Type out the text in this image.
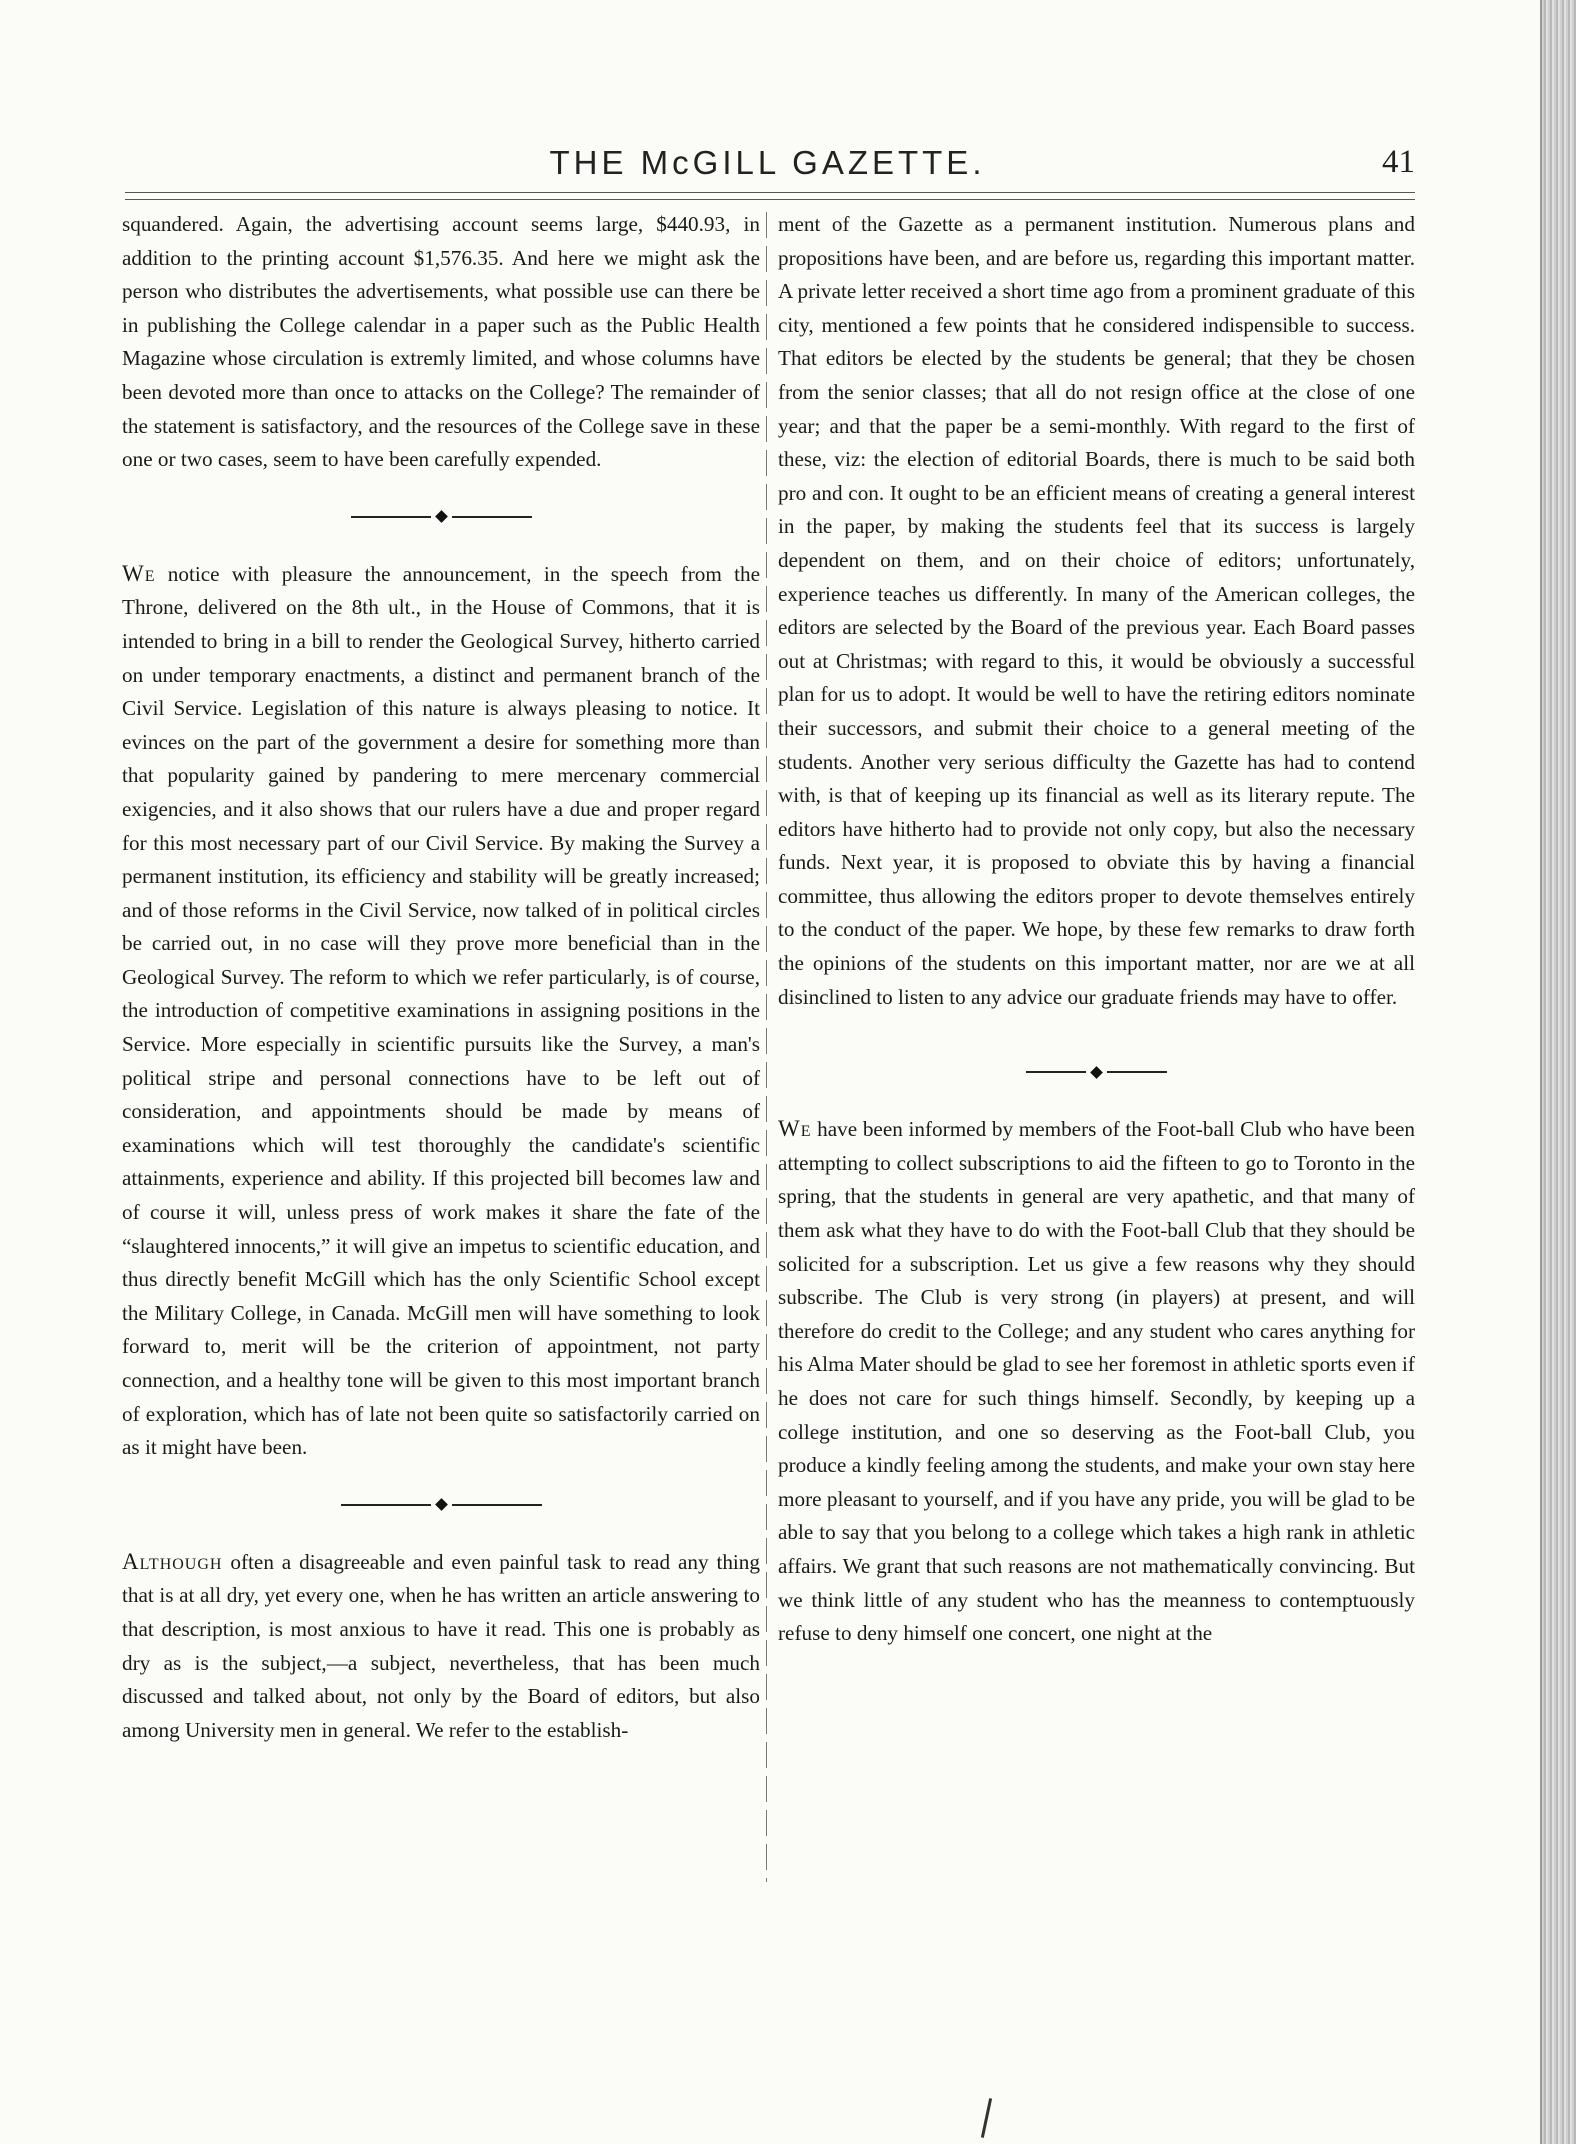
THE McGILL GAZETTE.	41

squandered. Again, the advertising account seems large, $440.93, in addition to the printing account $1,576.35. And here we might ask the person who distributes the advertisements, what possible use can there be in publishing the College calendar in a paper such as the Public Health Magazine whose circulation is extremly limited, and whose columns have been devoted more than once to attacks on the College? The remainder of the statement is satisfactory, and the resources of the College save in these one or two cases, seem to have been carefully expended.

We notice with pleasure the announcement, in the speech from the Throne, delivered on the 8th ult., in the House of Commons, that it is intended to bring in a bill to render the Geological Survey, hitherto carried on under temporary enactments, a distinct and permanent branch of the Civil Service. Legislation of this nature is always pleasing to notice. It evinces on the part of the government a desire for something more than that popularity gained by pandering to mere mercenary commercial exigencies, and it also shows that our rulers have a due and proper regard for this most necessary part of our Civil Service. By making the Survey a permanent institution, its efficiency and stability will be greatly increased; and of those reforms in the Civil Service, now talked of in political circles be carried out, in no case will they prove more beneficial than in the Geological Survey. The reform to which we refer particularly, is of course, the introduction of competitive examinations in assigning positions in the Service. More especially in scientific pursuits like the Survey, a man's political stripe and personal connections have to be left out of consideration, and appointments should be made by means of examinations which will test thoroughly the candidate's scientific attainments, experience and ability. If this projected bill becomes law and of course it will, unless press of work makes it share the fate of the “slaughtered innocents,” it will give an impetus to scientific education, and thus directly benefit McGill which has the only Scientific School except the Military College, in Canada. McGill men will have something to look forward to, merit will be the criterion of appointment, not party connection, and a healthy tone will be given to this most important branch of exploration, which has of late not been quite so satisfactorily carried on as it might have been.

Although often a disagreeable and even painful task to read any thing that is at all dry, yet every one, when he has written an article answering to that description, is most anxious to have it read. This one is probably as dry as is the subject,—a subject, nevertheless, that has been much discussed and talked about, not only by the Board of editors, but also among University men in general. We refer to the establish-

ment of the Gazette as a permanent institution. Numerous plans and propositions have been, and are before us, regarding this important matter. A private letter received a short time ago from a prominent graduate of this city, mentioned a few points that he considered indispensible to success. That editors be elected by the students be general; that they be chosen from the senior classes; that all do not resign office at the close of one year; and that the paper be a semi-monthly. With regard to the first of these, viz: the election of editorial Boards, there is much to be said both pro and con. It ought to be an efficient means of creating a general interest in the paper, by making the students feel that its success is largely dependent on them, and on their choice of editors; unfortunately, experience teaches us differently. In many of the American colleges, the editors are selected by the Board of the previous year. Each Board passes out at Christmas; with regard to this, it would be obviously a successful plan for us to adopt. It would be well to have the retiring editors nominate their successors, and submit their choice to a general meeting of the students. Another very serious difficulty the Gazette has had to contend with, is that of keeping up its financial as well as its literary repute. The editors have hitherto had to provide not only copy, but also the necessary funds. Next year, it is proposed to obviate this by having a financial committee, thus allowing the editors proper to devote themselves entirely to the conduct of the paper. We hope, by these few remarks to draw forth the opinions of the students on this important matter, nor are we at all disinclined to listen to any advice our graduate friends may have to offer.

We have been informed by members of the Foot-ball Club who have been attempting to collect subscriptions to aid the fifteen to go to Toronto in the spring, that the students in general are very apathetic, and that many of them ask what they have to do with the Foot-ball Club that they should be solicited for a subscription. Let us give a few reasons why they should subscribe. The Club is very strong (in players) at present, and will therefore do credit to the College; and any student who cares anything for his Alma Mater should be glad to see her foremost in athletic sports even if he does not care for such things himself. Secondly, by keeping up a college institution, and one so deserving as the Foot-ball Club, you produce a kindly feeling among the students, and make your own stay here more pleasant to yourself, and if you have any pride, you will be glad to be able to say that you belong to a college which takes a high rank in athletic affairs. We grant that such reasons are not mathematically convincing. But we think little of any student who has the meanness to contemptuously refuse to deny himself one concert, one night at the
